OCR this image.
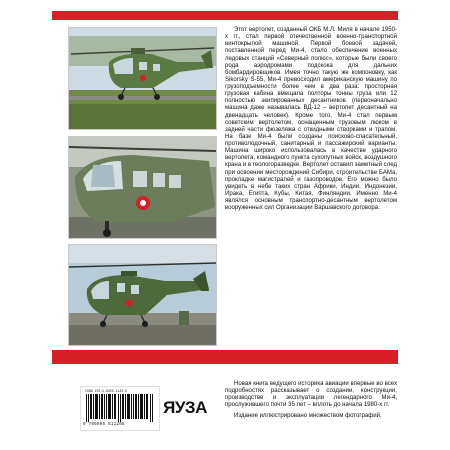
Этот вертолет, созданный ОКБ М.Л. Миля в начале 1950-х гг., стал первой отечественной военно-транспортной винтокрылой машиной. Первой боевой задачей, поставленной перед Ми-4, стало обеспечение военных ледовых станций «Северный полюс», которые были своего рода аэродромами подскока для дальних бомбардировщиков. Имея точно такую же компоновку, как Sikorsky S-55, Ми-4 превосходил американскую машину по грузоподъемности более чем в два раза: просторная грузовая кабина вмещала полторы тонны груза или 12 полностью экипированных десантников (первоначально машина даже называлась ВД-12 – вертолет десантный на двенадцать человек). Кроме того, Ми-4 стал первым советским вертолетом, оснащенным грузовым люком в задней части фюзеляжа с откидными створками и трапом. На базе Ми-4 были созданы поисково-спасательный, противолодочный, санитарный и пассажирский варианты. Машина широко использовалась в качестве ударного вертолета, командного пункта сухопутных войск, воздушного крана и в геологоразведке. Вертолет оставил заметный след при освоении месторождений Сибири, строительстве БАМа, прокладке магистралей и газопроводов. Его можно было увидеть в небе таких стран Африки, Индии, Индонезии, Ирака, Египта, Кубы, Китая, Финляндии. Именно Ми-4 являлся основным транспортно-десантным вертолетом вооруженных сил Организации Варшавского договора.

Новая книга ведущего историка авиации впервые во всех подробностях рассказывает о создании, конструкции, производстве и эксплуатации легендарного Ми-4, прослужившего почти 35 лет – вплоть до начала 1980-х гг.

Издание иллюстрировано множеством фотографий.

ISBN 978-5-9955-1120-5
9 785995 511205
ЯУЗА
